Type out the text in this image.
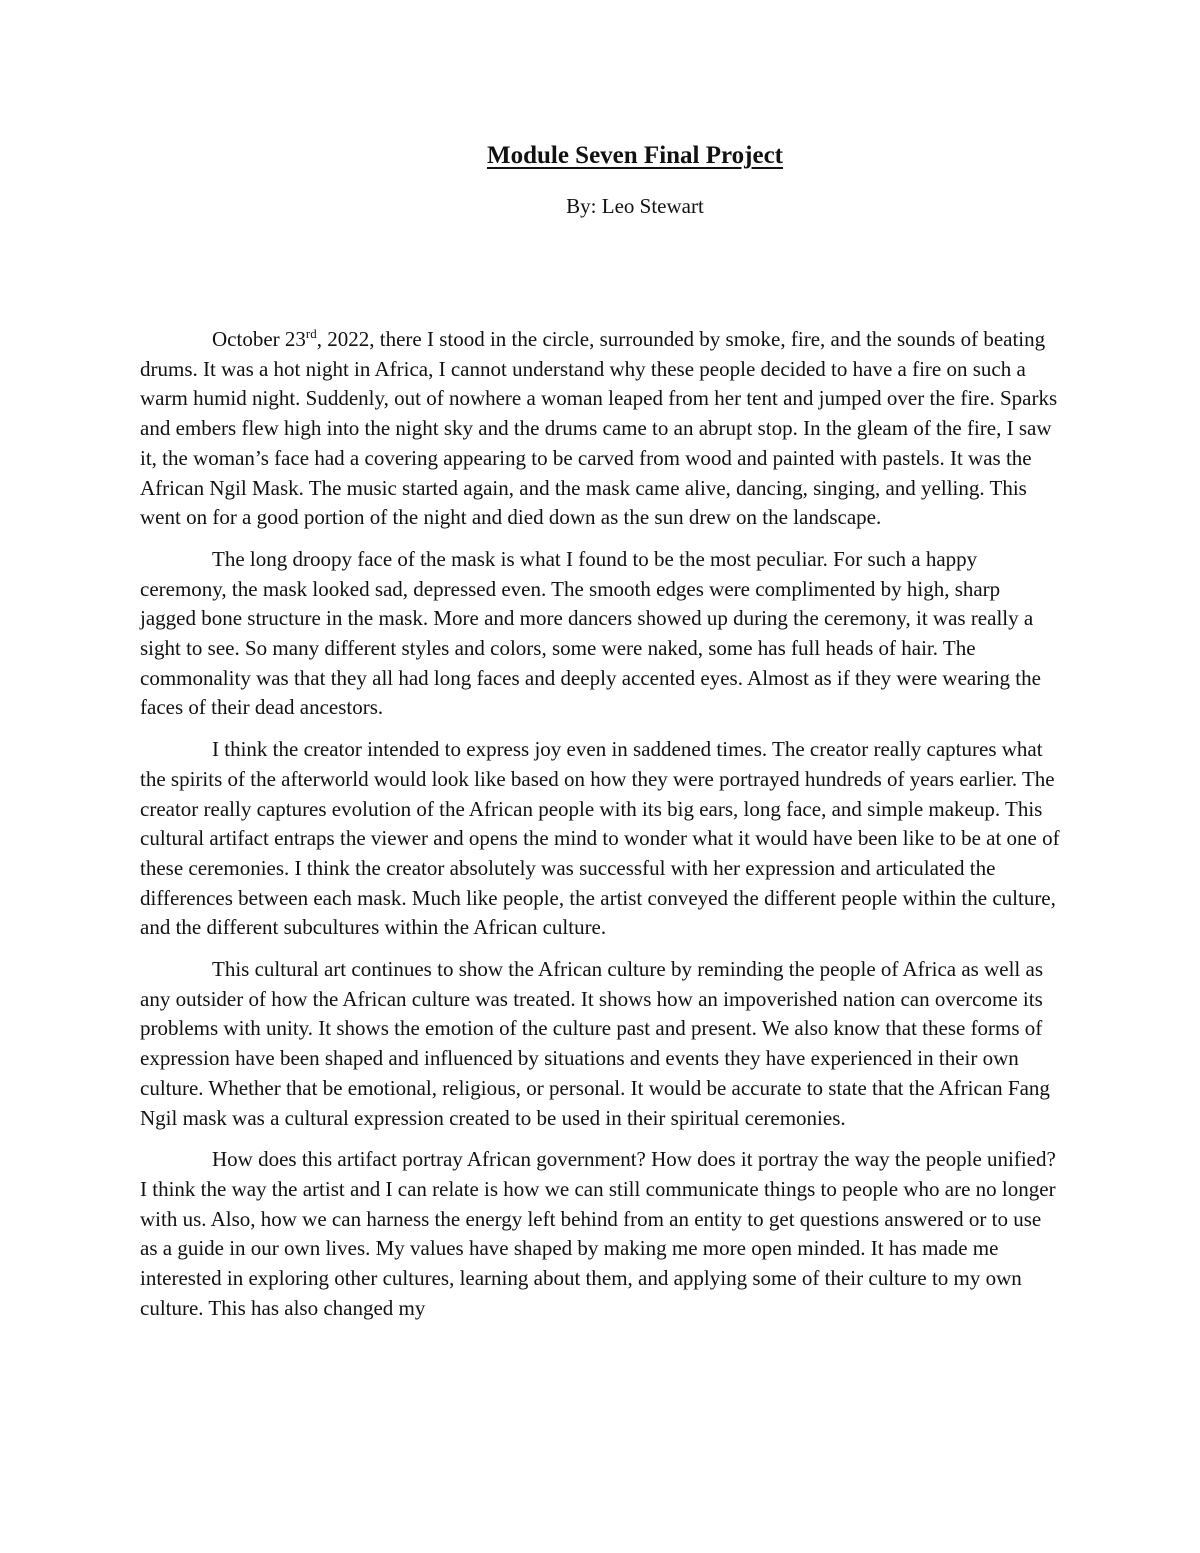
Module Seven Final Project

By: Leo Stewart

October 23rd, 2022, there I stood in the circle, surrounded by smoke, fire, and the sounds of beating drums. It was a hot night in Africa, I cannot understand why these people decided to have a fire on such a warm humid night. Suddenly, out of nowhere a woman leaped from her tent and jumped over the fire. Sparks and embers flew high into the night sky and the drums came to an abrupt stop. In the gleam of the fire, I saw it, the woman’s face had a covering appearing to be carved from wood and painted with pastels. It was the African Ngil Mask. The music started again, and the mask came alive, dancing, singing, and yelling. This went on for a good portion of the night and died down as the sun drew on the landscape.

The long droopy face of the mask is what I found to be the most peculiar. For such a happy ceremony, the mask looked sad, depressed even. The smooth edges were complimented by high, sharp jagged bone structure in the mask. More and more dancers showed up during the ceremony, it was really a sight to see. So many different styles and colors, some were naked, some has full heads of hair. The commonality was that they all had long faces and deeply accented eyes. Almost as if they were wearing the faces of their dead ancestors.

I think the creator intended to express joy even in saddened times. The creator really captures what the spirits of the afterworld would look like based on how they were portrayed hundreds of years earlier. The creator really captures evolution of the African people with its big ears, long face, and simple makeup. This cultural artifact entraps the viewer and opens the mind to wonder what it would have been like to be at one of these ceremonies. I think the creator absolutely was successful with her expression and articulated the differences between each mask. Much like people, the artist conveyed the different people within the culture, and the different subcultures within the African culture.

This cultural art continues to show the African culture by reminding the people of Africa as well as any outsider of how the African culture was treated. It shows how an impoverished nation can overcome its problems with unity. It shows the emotion of the culture past and present. We also know that these forms of expression have been shaped and influenced by situations and events they have experienced in their own culture. Whether that be emotional, religious, or personal. It would be accurate to state that the African Fang Ngil mask was a cultural expression created to be used in their spiritual ceremonies.

How does this artifact portray African government? How does it portray the way the people unified? I think the way the artist and I can relate is how we can still communicate things to people who are no longer with us. Also, how we can harness the energy left behind from an entity to get questions answered or to use as a guide in our own lives. My values have shaped by making me more open minded. It has made me interested in exploring other cultures, learning about them, and applying some of their culture to my own culture. This has also changed my
